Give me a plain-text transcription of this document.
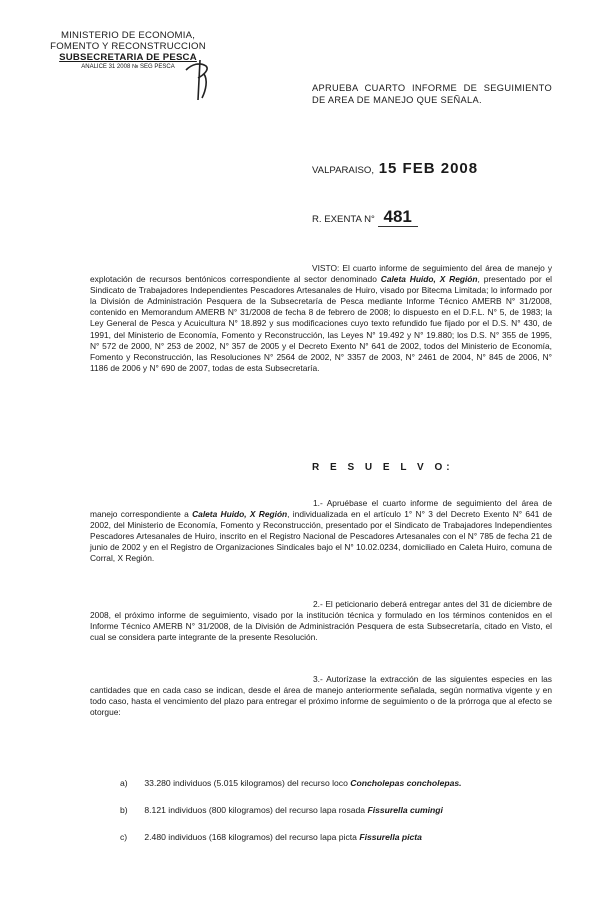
MINISTERIO DE ECONOMIA,
FOMENTO Y RECONSTRUCCION
SUBSECRETARIA DE PESCA
ANALICE 31 2008 № SEG PESCA
APRUEBA CUARTO INFORME DE SEGUIMIENTO DE AREA DE MANEJO QUE SEÑALA.
VALPARAISO, 15 FEB 2008
R. EXENTA N° 481
VISTO: El cuarto informe de seguimiento del área de manejo y explotación de recursos bentónicos correspondiente al sector denominado Caleta Huido, X Región, presentado por el Sindicato de Trabajadores Independientes Pescadores Artesanales de Huiro, visado por Bitecma Limitada; lo informado por la División de Administración Pesquera de la Subsecretaría de Pesca mediante Informe Técnico AMERB N° 31/2008, contenido en Memorandum AMERB N° 31/2008 de fecha 8 de febrero de 2008; lo dispuesto en el D.F.L. N° 5, de 1983; la Ley General de Pesca y Acuicultura N° 18.892 y sus modificaciones cuyo texto refundido fue fijado por el D.S. N° 430, de 1991, del Ministerio de Economía, Fomento y Reconstrucción, las Leyes N° 19.492 y N° 19.880; los D.S. N° 355 de 1995, N° 572 de 2000, N° 253 de 2002, N° 357 de 2005 y el Decreto Exento N° 641 de 2002, todos del Ministerio de Economía, Fomento y Reconstrucción, las Resoluciones N° 2564 de 2002, N° 3357 de 2003, N° 2461 de 2004, N° 845 de 2006, N° 1186 de 2006 y N° 690 de 2007, todas de esta Subsecretaría.
R E S U E L V O:
1.- Apruébase el cuarto informe de seguimiento del área de manejo correspondiente a Caleta Huido, X Región, individualizada en el artículo 1° N° 3 del Decreto Exento N° 641 de 2002, del Ministerio de Economía, Fomento y Reconstrucción, presentado por el Sindicato de Trabajadores Independientes Pescadores Artesanales de Huiro, inscrito en el Registro Nacional de Pescadores Artesanales con el N° 785 de fecha 21 de junio de 2002 y en el Registro de Organizaciones Sindicales bajo el N° 10.02.0234, domiciliado en Caleta Huiro, comuna de Corral, X Región.
2.- El peticionario deberá entregar antes del 31 de diciembre de 2008, el próximo informe de seguimiento, visado por la institución técnica y formulado en los términos contenidos en el Informe Técnico AMERB N° 31/2008, de la División de Administración Pesquera de esta Subsecretaría, citado en Visto, el cual se considera parte integrante de la presente Resolución.
3.- Autorízase la extracción de las siguientes especies en las cantidades que en cada caso se indican, desde el área de manejo anteriormente señalada, según normativa vigente y en todo caso, hasta el vencimiento del plazo para entregar el próximo informe de seguimiento o de la prórroga que al efecto se otorgue:
a) 33.280 individuos (5.015 kilogramos) del recurso loco Concholepas concholepas.
b) 8.121 individuos (800 kilogramos) del recurso lapa rosada Fissurella cumingi
c) 2.480 individuos (168 kilogramos) del recurso lapa picta Fissurella picta
